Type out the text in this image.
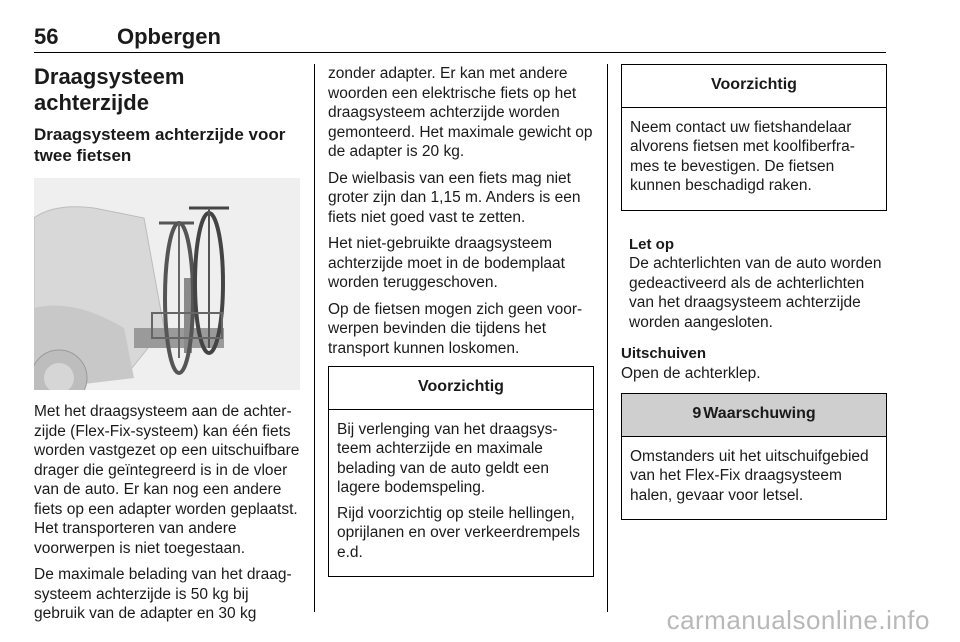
56	Opbergen
Draagsysteem achterzijde
Draagsysteem achterzijde voor twee fietsen

Met het draagsysteem aan de achterzijde (Flex-Fix-systeem) kan één fiets worden vastgezet op een uitschuifbare drager die geïntegreerd is in de vloer van de auto. Er kan nog een andere fiets op een adapter worden geplaatst. Het transporteren van andere voorwerpen is niet toegestaan.

De maximale belading van het draagsysteem achterzijde is 50 kg bij gebruik van de adapter en 30 kg

zonder adapter. Er kan met andere woorden een elektrische fiets op het draagsysteem achterzijde worden gemonteerd. Het maximale gewicht op de adapter is 20 kg.

De wielbasis van een fiets mag niet groter zijn dan 1,15 m. Anders is een fiets niet goed vast te zetten.

Het niet-gebruikte draagsysteem achterzijde moet in de bodemplaat worden teruggeschoven.

Op de fietsen mogen zich geen voorwerpen bevinden die tijdens het transport kunnen loskomen.

Voorzichtig

Bij verlenging van het draagsysteem achterzijde en maximale belading van de auto geldt een lagere bodemspeling.

Rijd voorzichtig op steile hellingen, oprijlanen en over verkeerdrempels e.d.

Voorzichtig

Neem contact uw fietshandelaar alvorens fietsen met koolfiberframes te bevestigen. De fietsen kunnen beschadigd raken.

Let op
De achterlichten van de auto worden gedeactiveerd als de achterlichten van het draagsysteem achterzijde worden aangesloten.
Uitschuiven

Open de achterklep.

9 Waarschuwing

Omstanders uit het uitschuifgebied van het Flex-Fix draagsysteem halen, gevaar voor letsel.

carmanualsonline.info
